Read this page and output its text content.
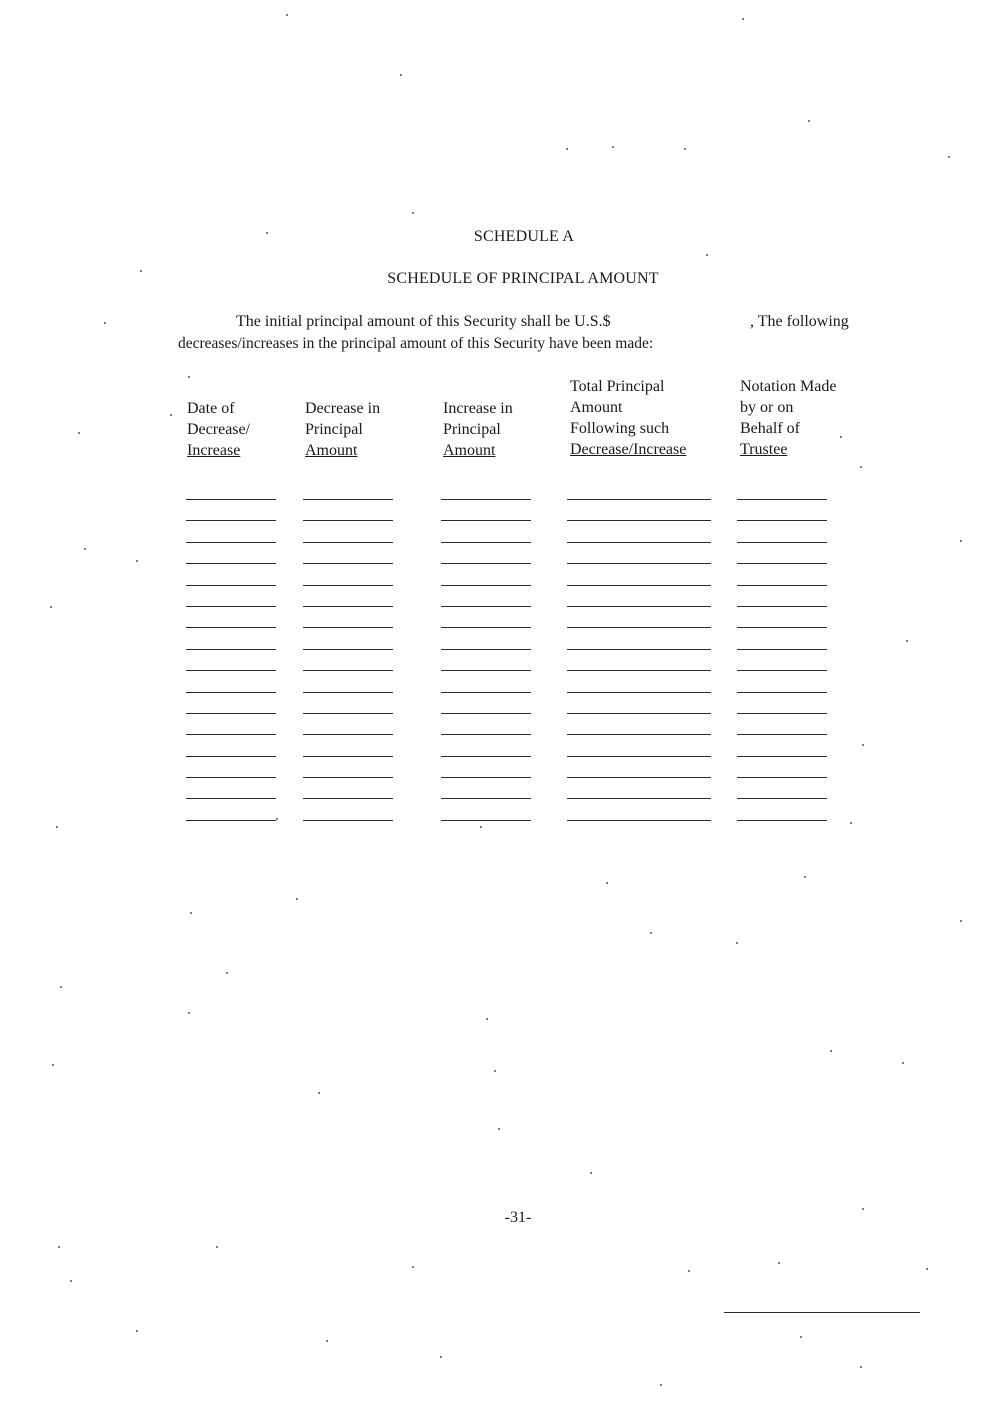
SCHEDULE A
SCHEDULE OF PRINCIPAL AMOUNT
The initial principal amount of this Security shall be U.S.$	, The following
decreases/increases in the principal amount of this Security have been made:
Date of
Decrease/
Increase
Decrease in
Principal
Amount
Increase in
Principal
Amount
Total Principal
Amount
Following such
Decrease/Increase
Notation Made
by or on
Behalf of
Trustee
-31-
